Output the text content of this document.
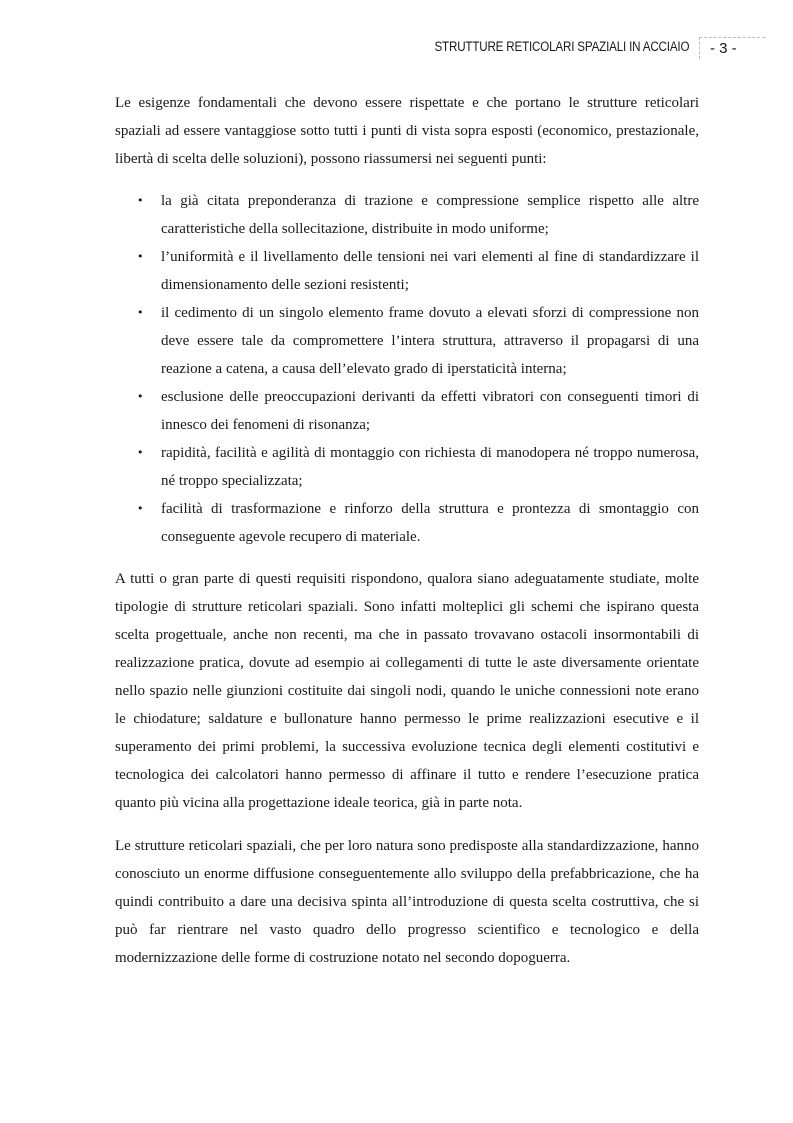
STRUTTURE RETICOLARI SPAZIALI IN ACCIAIO	- 3 -

Le esigenze fondamentali che devono essere rispettate e che portano le strutture reticolari spaziali ad essere vantaggiose sotto tutti i punti di vista sopra esposti (economico, prestazionale, libertà di scelta delle soluzioni), possono riassumersi nei seguenti punti:

• la già citata preponderanza di trazione e compressione semplice rispetto alle altre caratteristiche della sollecitazione, distribuite in modo uniforme;
• l’uniformità e il livellamento delle tensioni nei vari elementi al fine di standardizzare il dimensionamento delle sezioni resistenti;
• il cedimento di un singolo elemento frame dovuto a elevati sforzi di compressione non deve essere tale da compromettere l’intera struttura, attraverso il propagarsi di una reazione a catena, a causa dell’elevato grado di iperstaticità interna;
• esclusione delle preoccupazioni derivanti da effetti vibratori con conseguenti timori di innesco dei fenomeni di risonanza;
• rapidità, facilità e agilità di montaggio con richiesta di manodopera né troppo numerosa, né troppo specializzata;
• facilità di trasformazione e rinforzo della struttura e prontezza di smontaggio con conseguente agevole recupero di materiale.

A tutti o gran parte di questi requisiti rispondono, qualora siano adeguatamente studiate, molte tipologie di strutture reticolari spaziali. Sono infatti molteplici gli schemi che ispirano questa scelta progettuale, anche non recenti, ma che in passato trovavano ostacoli insormontabili di realizzazione pratica, dovute ad esempio ai collegamenti di tutte le aste diversamente orientate nello spazio nelle giunzioni costituite dai singoli nodi, quando le uniche connessioni note erano le chiodature; saldature e bullonature hanno permesso le prime realizzazioni esecutive e il superamento dei primi problemi, la successiva evoluzione tecnica degli elementi costitutivi e tecnologica dei calcolatori hanno permesso di affinare il tutto e rendere l’esecuzione pratica quanto più vicina alla progettazione ideale teorica, già in parte nota.

Le strutture reticolari spaziali, che per loro natura sono predisposte alla standardizzazione, hanno conosciuto un enorme diffusione conseguentemente allo sviluppo della prefabbricazione, che ha quindi contribuito a dare una decisiva spinta all’introduzione di questa scelta costruttiva, che si può far rientrare nel vasto quadro dello progresso scientifico e tecnologico e della modernizzazione delle forme di costruzione notato nel secondo dopoguerra.
